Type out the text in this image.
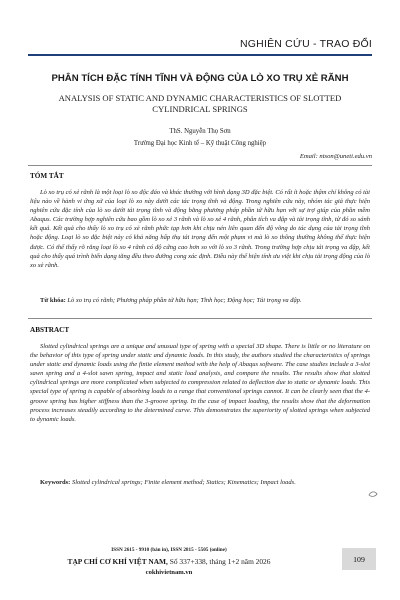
NGHIÊN CỨU - TRAO ĐỔI
PHÂN TÍCH ĐẶC TÍNH TĨNH VÀ ĐỘNG CỦA LÒ XO TRỤ XẺ RÃNH
ANALYSIS OF STATIC AND DYNAMIC CHARACTERISTICS OF SLOTTED
CYLINDRICAL SPRINGS
ThS. Nguyễn Thọ Sơn
Trường Đại học Kinh tế – Kỹ thuật Công nghiệp
Email: ntson@uneti.edu.vn
TÓM TẮT
Lò xo trụ có xẻ rãnh là một loại lò xo độc đáo và khác thường với hình dạng 3D đặc biệt. Có rất ít hoặc thậm chí không có tài liệu nào về hành vi ứng xử của loại lò xo này dưới các tác trọng tĩnh và động. Trong nghiên cứu này, nhóm tác giả thực hiện nghiên cứu đặc tính của lò xo dưới tải trọng tĩnh và động bằng phương pháp phần tử hữu hạn với sự trợ giúp của phần mềm Abaqus. Các trường hợp nghiên cứu bao gồm lò xo xẻ 3 rãnh và lò xo xẻ 4 rãnh, phân tích va đập và tải trọng tĩnh, từ đó so sánh kết quả. Kết quả cho thấy lò xo trụ có xẻ rãnh phức tạp hơn khi chịu nén liên quan đến độ võng do tác dụng của tải trọng tĩnh hoặc động. Loại lò xo đặc biệt này có khả năng hấp thụ tải trọng đến một phạm vi mà lò xo thông thường không thể thực hiện được. Có thể thấy rõ rằng loại lò xo 4 rãnh có độ cứng cao hơn so với lò xo 3 rãnh. Trong trường hợp chịu tải trọng va đập, kết quả cho thấy quá trình biến dạng tăng đều theo đường cong xác định. Điều này thể hiện tính ưu việt khi chịu tải trọng động của lò xo xẻ rãnh.
Từ khóa: Lò xo trụ có rãnh; Phương pháp phần tử hữu hạn; Tĩnh học; Động học; Tải trọng va đập.
ABSTRACT
Slotted cylindrical springs are a unique and unusual type of spring with a special 3D shape. There is little or no literature on the behavior of this type of spring under static and dynamic loads. In this study, the authors studied the characteristics of springs under static and dynamic loads using the finite element method with the help of Abaqus software. The case studies include a 3-slot sawn spring and a 4-slot sawn spring, impact and static load analysis, and compare the results. The results show that slotted cylindrical springs are more complicated when subjected to compression related to deflection due to static or dynamic loads. This special type of spring is capable of absorbing loads to a range that conventional springs cannot. It can be clearly seen that the 4-groove spring has higher stiffness than the 3-groove spring. In the case of impact loading, the results show that the deformation process increases steadily according to the determined curve. This demonstrates the superiority of slotted springs when subjected to dynamic loads.
Keywords: Slotted cylindrical springs; Finite element method; Statics; Kinematics; Impact loads.
ISSN 2615 - 9910 (bản in), ISSN 2815 - 5505 (online)
TẠP CHÍ CƠ KHÍ VIỆT NAM, Số 337+338, tháng 1+2 năm 2026
cokhivietnam.vn
109
